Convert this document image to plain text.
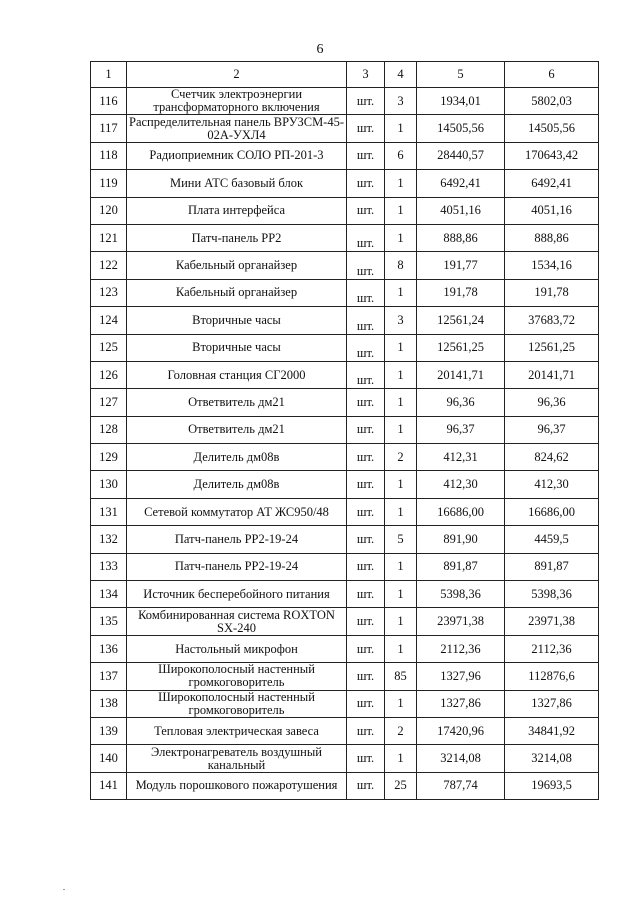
6
1	2	3	4	5	6
116	Счетчик электроэнергии трансформаторного включения	шт.	3	1934,01	5802,03
117	Распределительная панель ВРУЗСМ-45-02А-УХЛ4	шт.	1	14505,56	14505,56
118	Радиоприемник СОЛО РП-201-3	шт.	6	28440,57	170643,42
119	Мини АТС базовый блок	шт.	1	6492,41	6492,41
120	Плата интерфейса	шт.	1	4051,16	4051,16
121	Патч-панель РР2	шт.	1	888,86	888,86
122	Кабельный органайзер	шт.	8	191,77	1534,16
123	Кабельный органайзер	шт.	1	191,78	191,78
124	Вторичные часы	шт.	3	12561,24	37683,72
125	Вторичные часы	шт.	1	12561,25	12561,25
126	Головная станция СГ2000	шт.	1	20141,71	20141,71
127	Ответвитель дм21	шт.	1	96,36	96,36
128	Ответвитель дм21	шт.	1	96,37	96,37
129	Делитель дм08в	шт.	2	412,31	824,62
130	Делитель дм08в	шт.	1	412,30	412,30
131	Сетевой коммутатор АТ ЖС950/48	шт.	1	16686,00	16686,00
132	Патч-панель РР2-19-24	шт.	5	891,90	4459,5
133	Патч-панель РР2-19-24	шт.	1	891,87	891,87
134	Источник бесперебойного питания	шт.	1	5398,36	5398,36
135	Комбинированная система ROXTON SX-240	шт.	1	23971,38	23971,38
136	Настольный микрофон	шт.	1	2112,36	2112,36
137	Широкополосный настенный громкоговоритель	шт.	85	1327,96	112876,6
138	Широкополосный настенный громкоговоритель	шт.	1	1327,86	1327,86
139	Тепловая электрическая завеса	шт.	2	17420,96	34841,92
140	Электронагреватель воздушный канальный	шт.	1	3214,08	3214,08
141	Модуль порошкового пожаротушения	шт.	25	787,74	19693,5
